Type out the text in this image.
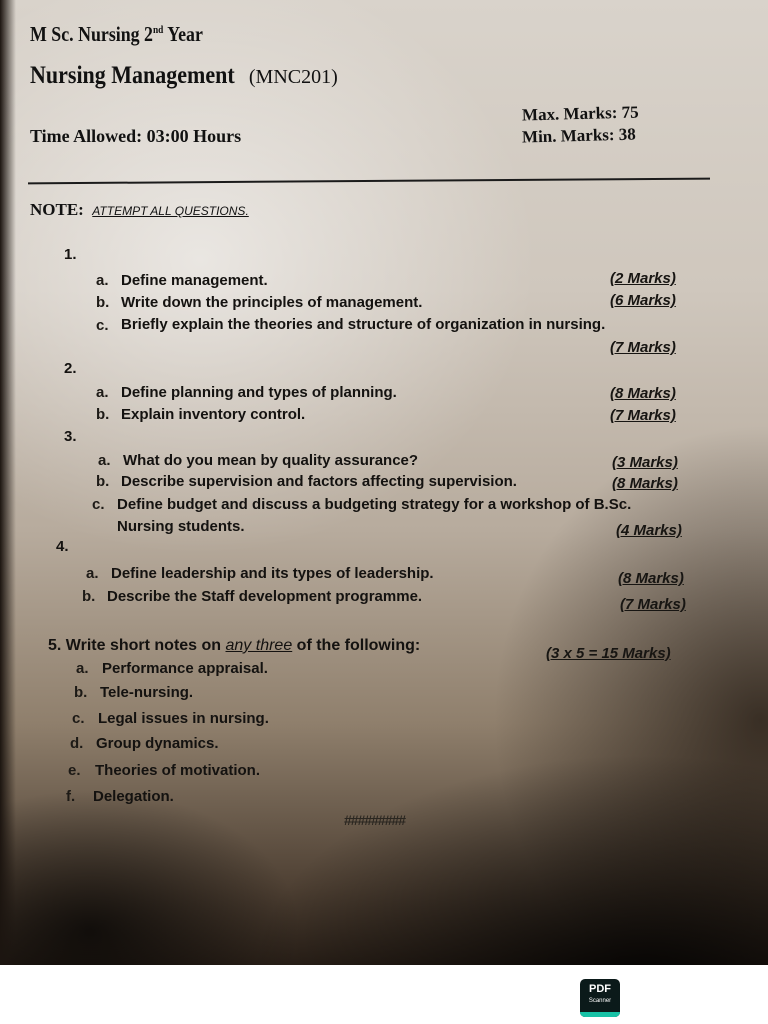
M Sc. Nursing 2nd Year
Nursing Management (MNC201)
Time Allowed: 03:00 Hours
Max. Marks: 75
Min. Marks: 38
NOTE: ATTEMPT ALL QUESTIONS.
1.
a. Define management.	(2 Marks)
b. Write down the principles of management.	(6 Marks)
c. Briefly explain the theories and structure of organization in nursing.
(7 Marks)
2.
a. Define planning and types of planning.	(8 Marks)
b. Explain inventory control.	(7 Marks)
3.
a. What do you mean by quality assurance?	(3 Marks)
b. Describe supervision and factors affecting supervision.	(8 Marks)
c. Define budget and discuss a budgeting strategy for a workshop of B.Sc.
Nursing students.	(4 Marks)
4.
a. Define leadership and its types of leadership.	(8 Marks)
b. Describe the Staff development programme.	(7 Marks)
5. Write short notes on any three of the following:	(3 x 5 = 15 Marks)
a. Performance appraisal.
b. Tele-nursing.
c. Legal issues in nursing.
d. Group dynamics.
e. Theories of motivation.
f. Delegation.
#########
PDF
Scanner
